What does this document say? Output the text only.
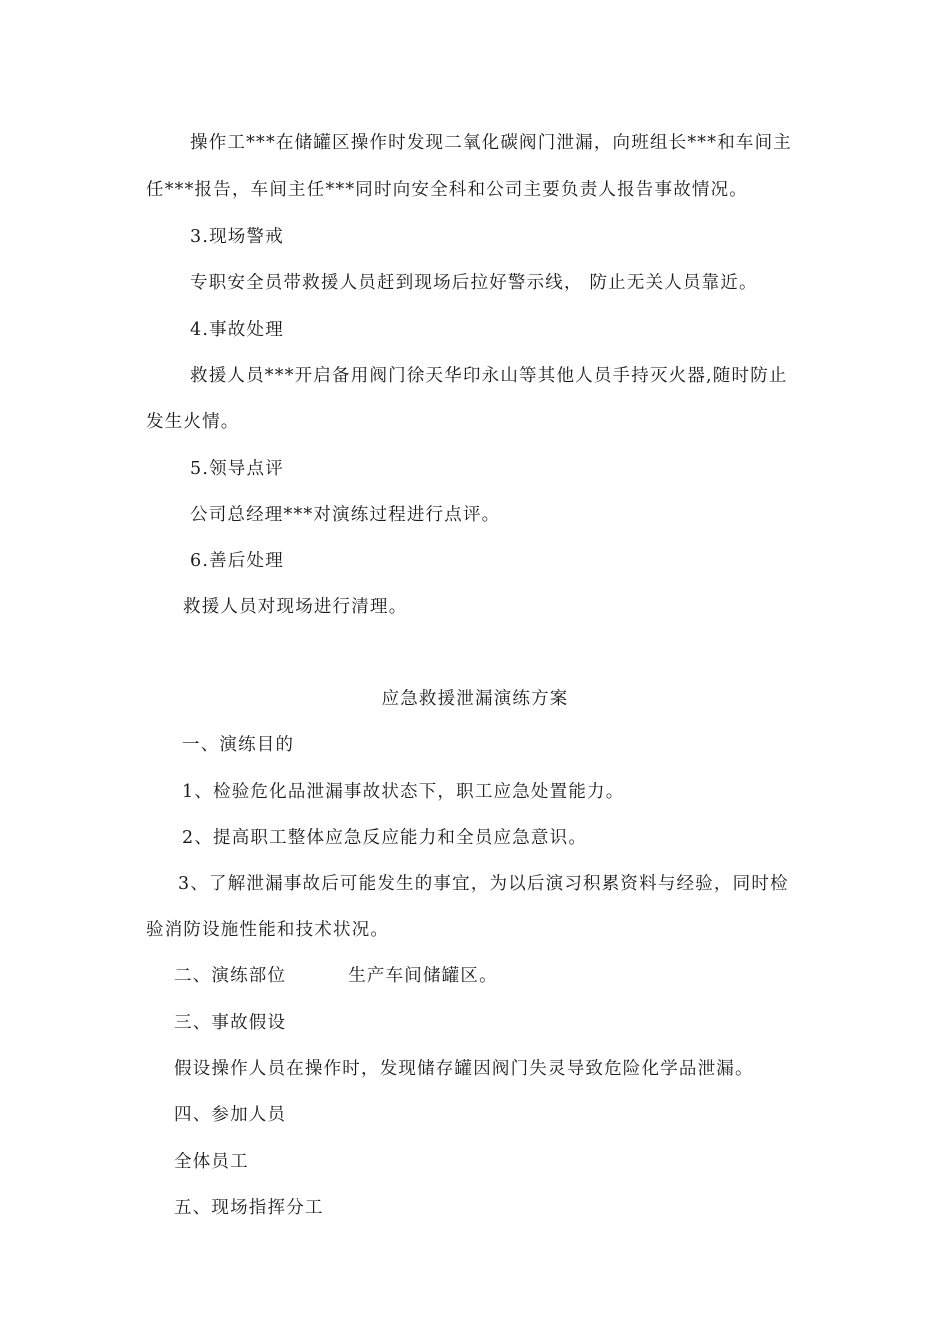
操作工***在储罐区操作时发现二氧化碳阀门泄漏，向班组长***和车间主
任***报告，车间主任***同时向安全科和公司主要负责人报告事故情况。
3.现场警戒
专职安全员带救援人员赶到现场后拉好警示线， 防止无关人员靠近。
4.事故处理
救援人员***开启备用阀门徐天华印永山等其他人员手持灭火器,随时防止
发生火情。
5.领导点评
公司总经理***对演练过程进行点评。
6.善后处理
救援人员对现场进行清理。
应急救援泄漏演练方案
一、演练目的
1、检验危化品泄漏事故状态下，职工应急处置能力。
2、提高职工整体应急反应能力和全员应急意识。
3、了解泄漏事故后可能发生的事宜，为以后演习积累资料与经验，同时检
验消防设施性能和技术状况。
二、演练部位	生产车间储罐区。
三、事故假设
假设操作人员在操作时，发现储存罐因阀门失灵导致危险化学品泄漏。
四、参加人员
全体员工
五、现场指挥分工
